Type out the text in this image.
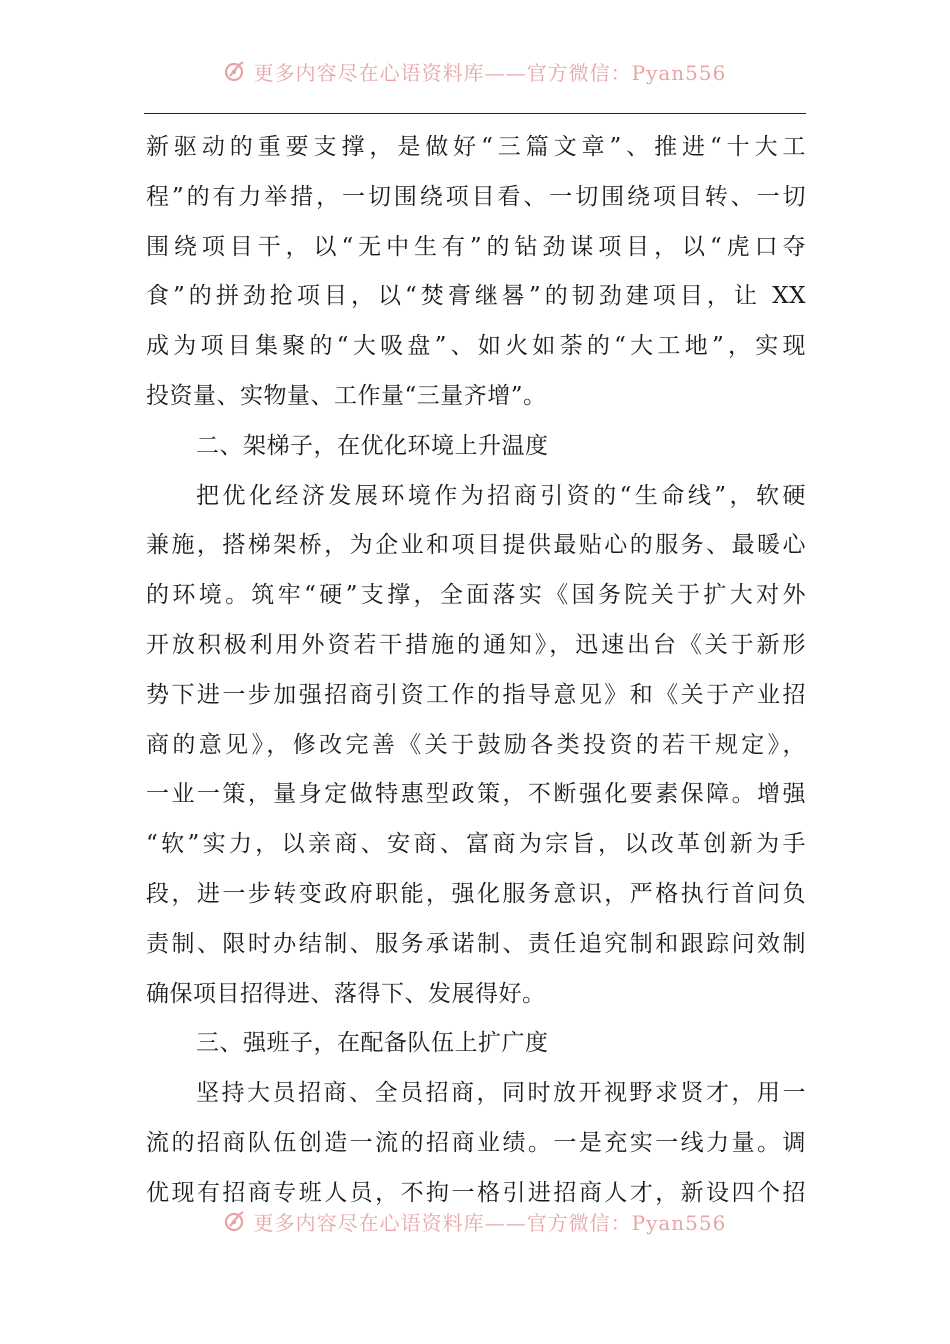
更多内容尽在心语资料库——官方微信：Pyan556
新驱动的重要支撑，是做好“三篇文章”、推进“十大工
程”的有力举措，一切围绕项目看、一切围绕项目转、一切
围绕项目干，以“无中生有”的钻劲谋项目，以“虎口夺
食”的拼劲抢项目，以“焚膏继晷”的韧劲建项目，让 XX
成为项目集聚的“大吸盘”、如火如荼的“大工地”，实现
投资量、实物量、工作量“三量齐增”。
二、架梯子，在优化环境上升温度
把优化经济发展环境作为招商引资的“生命线”，软硬
兼施，搭梯架桥，为企业和项目提供最贴心的服务、最暖心
的环境。筑牢“硬”支撑，全面落实《国务院关于扩大对外
开放积极利用外资若干措施的通知》，迅速出台《关于新形
势下进一步加强招商引资工作的指导意见》和《关于产业招
商的意见》，修改完善《关于鼓励各类投资的若干规定》，
一业一策，量身定做特惠型政策，不断强化要素保障。增强
“软”实力，以亲商、安商、富商为宗旨，以改革创新为手
段，进一步转变政府职能，强化服务意识，严格执行首问负
责制、限时办结制、服务承诺制、责任追究制和跟踪问效制
确保项目招得进、落得下、发展得好。
三、强班子，在配备队伍上扩广度
坚持大员招商、全员招商，同时放开视野求贤才，用一
流的招商队伍创造一流的招商业绩。一是充实一线力量。调
优现有招商专班人员，不拘一格引进招商人才，新设四个招
更多内容尽在心语资料库——官方微信：Pyan556
